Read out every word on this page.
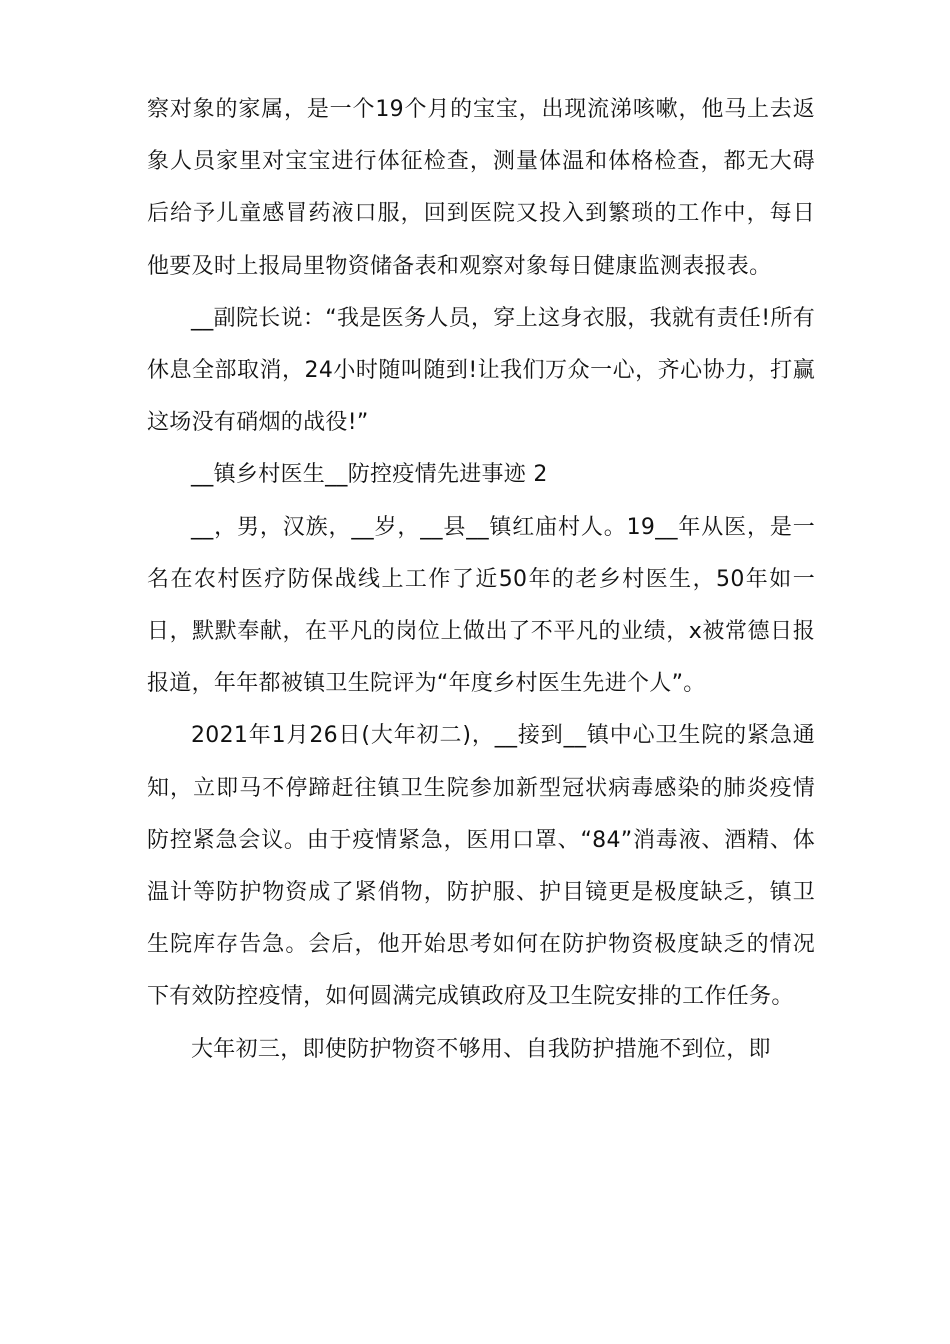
察对象的家属，是一个19个月的宝宝，出现流涕咳嗽，他马上去返象人员家里对宝宝进行体征检查，测量体温和体格检查，都无大碍后给予儿童感冒药液口服，回到医院又投入到繁琐的工作中，每日他要及时上报局里物资储备表和观察对象每日健康监测表报表。

__副院长说：“我是医务人员，穿上这身衣服，我就有责任!所有休息全部取消，24小时随叫随到!让我们万众一心，齐心协力，打赢这场没有硝烟的战役!”

__镇乡村医生__防控疫情先进事迹 2

__，男，汉族，__岁，__县__镇红庙村人。19__年从医，是一名在农村医疗防保战线上工作了近50年的老乡村医生，50年如一日，默默奉献，在平凡的岗位上做出了不平凡的业绩，x被常德日报报道，年年都被镇卫生院评为“年度乡村医生先进个人”。

2021年1月26日(大年初二)，__接到__镇中心卫生院的紧急通知，立即马不停蹄赶往镇卫生院参加新型冠状病毒感染的肺炎疫情防控紧急会议。由于疫情紧急，医用口罩、“84”消毒液、酒精、体温计等防护物资成了紧俏物，防护服、护目镜更是极度缺乏，镇卫生院库存告急。会后，他开始思考如何在防护物资极度缺乏的情况下有效防控疫情，如何圆满完成镇政府及卫生院安排的工作任务。

大年初三，即使防护物资不够用、自我防护措施不到位，即
